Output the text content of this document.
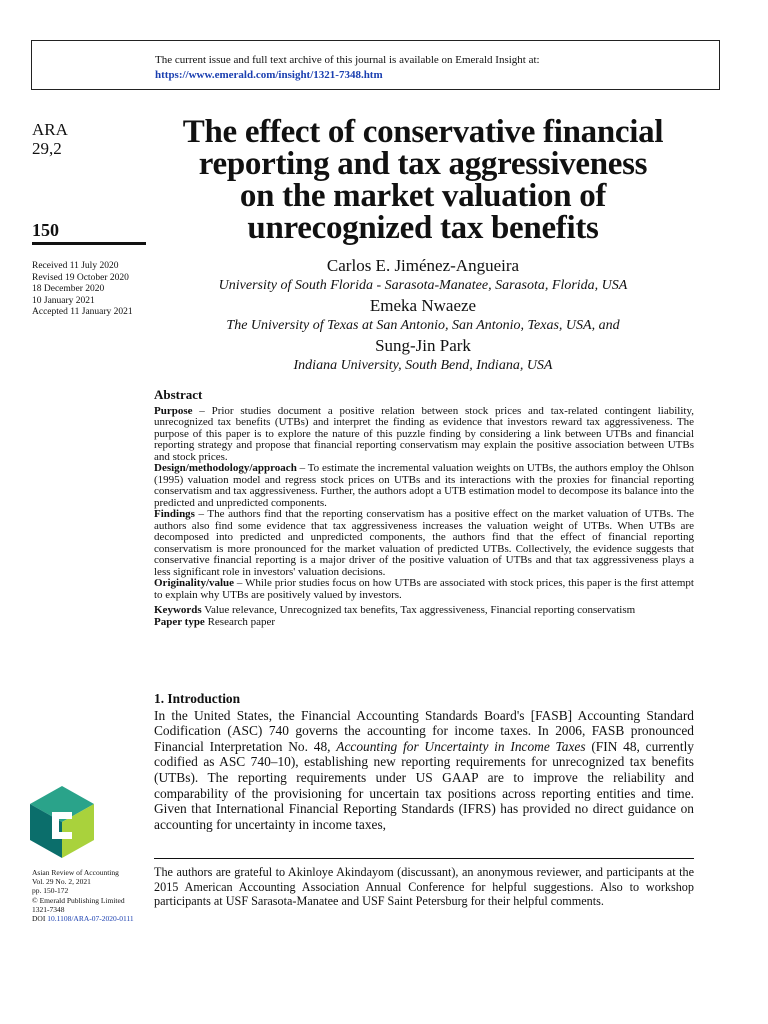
The current issue and full text archive of this journal is available on Emerald Insight at:
https://www.emerald.com/insight/1321-7348.htm
ARA
29,2
150
Received 11 July 2020
Revised 19 October 2020
18 December 2020
10 January 2021
Accepted 11 January 2021
Asian Review of Accounting
Vol. 29 No. 2, 2021
pp. 150-172
© Emerald Publishing Limited
1321-7348
DOI 10.1108/ARA-07-2020-0111
The effect of conservative financial
reporting and tax aggressiveness
on the market valuation of
unrecognized tax benefits
Carlos E. Jiménez-Angueira
University of South Florida - Sarasota-Manatee, Sarasota, Florida, USA
Emeka Nwaeze
The University of Texas at San Antonio, San Antonio, Texas, USA, and
Sung-Jin Park
Indiana University, South Bend, Indiana, USA
Abstract

Purpose – Prior studies document a positive relation between stock prices and tax-related contingent liability, unrecognized tax benefits (UTBs) and interpret the finding as evidence that investors reward tax aggressiveness. The purpose of this paper is to explore the nature of this puzzle finding by considering a link between UTBs and financial reporting strategy and propose that financial reporting conservatism may explain the positive association between UTBs and stock prices.

Design/methodology/approach – To estimate the incremental valuation weights on UTBs, the authors employ the Ohlson (1995) valuation model and regress stock prices on UTBs and its interactions with the proxies for financial reporting conservatism and tax aggressiveness. Further, the authors adopt a UTB estimation model to decompose its balance into the predicted and unpredicted components.

Findings – The authors find that the reporting conservatism has a positive effect on the market valuation of UTBs. The authors also find some evidence that tax aggressiveness increases the valuation weight of UTBs. When UTBs are decomposed into predicted and unpredicted components, the authors find that the effect of financial reporting conservatism is more pronounced for the market valuation of predicted UTBs. Collectively, the evidence suggests that conservative financial reporting is a major driver of the positive valuation of UTBs and that tax aggressiveness plays a less significant role in investors' valuation decisions.

Originality/value – While prior studies focus on how UTBs are associated with stock prices, this paper is the first attempt to explain why UTBs are positively valued by investors.

Keywords Value relevance, Unrecognized tax benefits, Tax aggressiveness, Financial reporting conservatism

Paper type Research paper

1. Introduction
In the United States, the Financial Accounting Standards Board's [FASB] Accounting Standard Codification (ASC) 740 governs the accounting for income taxes. In 2006, FASB pronounced Financial Interpretation No. 48, Accounting for Uncertainty in Income Taxes (FIN 48, currently codified as ASC 740–10), establishing new reporting requirements for unrecognized tax benefits (UTBs). The reporting requirements under US GAAP are to improve the reliability and comparability of the provisioning for uncertain tax positions across reporting entities and time. Given that International Financial Reporting Standards (IFRS) has provided no direct guidance on accounting for uncertainty in income taxes,
The authors are grateful to Akinloye Akindayom (discussant), an anonymous reviewer, and participants at the 2015 American Accounting Association Annual Conference for helpful suggestions. Also to workshop participants at USF Sarasota-Manatee and USF Saint Petersburg for their helpful comments.
